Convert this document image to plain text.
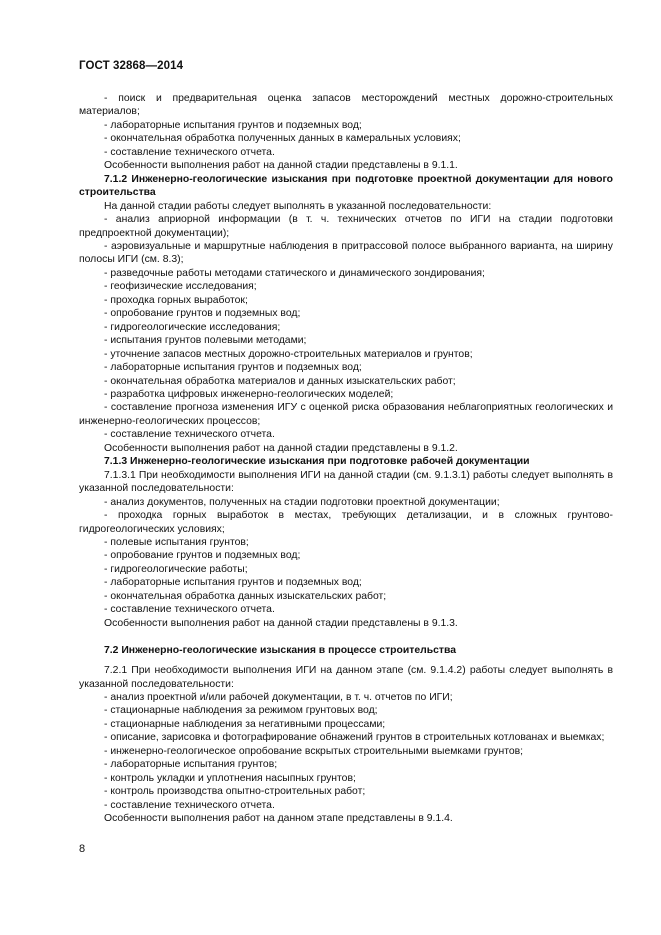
ГОСТ 32868—2014

- поиск и предварительная оценка запасов месторождений местных дорожно-строительных материалов;

- лабораторные испытания грунтов и подземных вод;

- окончательная обработка полученных данных в камеральных условиях;

- составление технического отчета.

Особенности выполнения работ на данной стадии представлены в 9.1.1.

7.1.2 Инженерно-геологические изыскания при подготовке проектной документации для нового строительства

На данной стадии работы следует выполнять в указанной последовательности:

- анализ априорной информации (в т. ч. технических отчетов по ИГИ на стадии подготовки предпроектной документации);

- аэровизуальные и маршрутные наблюдения в притрассовой полосе выбранного варианта, на ширину полосы ИГИ (см. 8.3);

- разведочные работы методами статического и динамического зондирования;

- геофизические исследования;

- проходка горных выработок;

- опробование грунтов и подземных вод;

- гидрогеологические исследования;

- испытания грунтов полевыми методами;

- уточнение запасов местных дорожно-строительных материалов и грунтов;

- лабораторные испытания грунтов и подземных вод;

- окончательная обработка материалов и данных изыскательских работ;

- разработка цифровых инженерно-геологических моделей;

- составление прогноза изменения ИГУ с оценкой риска образования неблагоприятных геологических и инженерно-геологических процессов;

- составление технического отчета.

Особенности выполнения работ на данной стадии представлены в 9.1.2.

7.1.3 Инженерно-геологические изыскания при подготовке рабочей документации

7.1.3.1 При необходимости выполнения ИГИ на данной стадии (см. 9.1.3.1) работы следует выполнять в указанной последовательности:

- анализ документов, полученных на стадии подготовки проектной документации;

- проходка горных выработок в местах, требующих детализации, и в сложных грунтово-гидрогеологических условиях;

- полевые испытания грунтов;

- опробование грунтов и подземных вод;

- гидрогеологические работы;

- лабораторные испытания грунтов и подземных вод;

- окончательная обработка данных изыскательских работ;

- составление технического отчета.

Особенности выполнения работ на данной стадии представлены в 9.1.3.

7.2 Инженерно-геологические изыскания в процессе строительства

7.2.1 При необходимости выполнения ИГИ на данном этапе (см. 9.1.4.2) работы следует выполнять в указанной последовательности:

- анализ проектной и/или рабочей документации, в т. ч. отчетов по ИГИ;

- стационарные наблюдения за режимом грунтовых вод;

- стационарные наблюдения за негативными процессами;

- описание, зарисовка и фотографирование обнажений грунтов в строительных котлованах и выемках;

- инженерно-геологическое опробование вскрытых строительными выемками грунтов;

- лабораторные испытания грунтов;

- контроль укладки и уплотнения насыпных грунтов;

- контроль производства опытно-строительных работ;

- составление технического отчета.

Особенности выполнения работ на данном этапе представлены в 9.1.4.

8
